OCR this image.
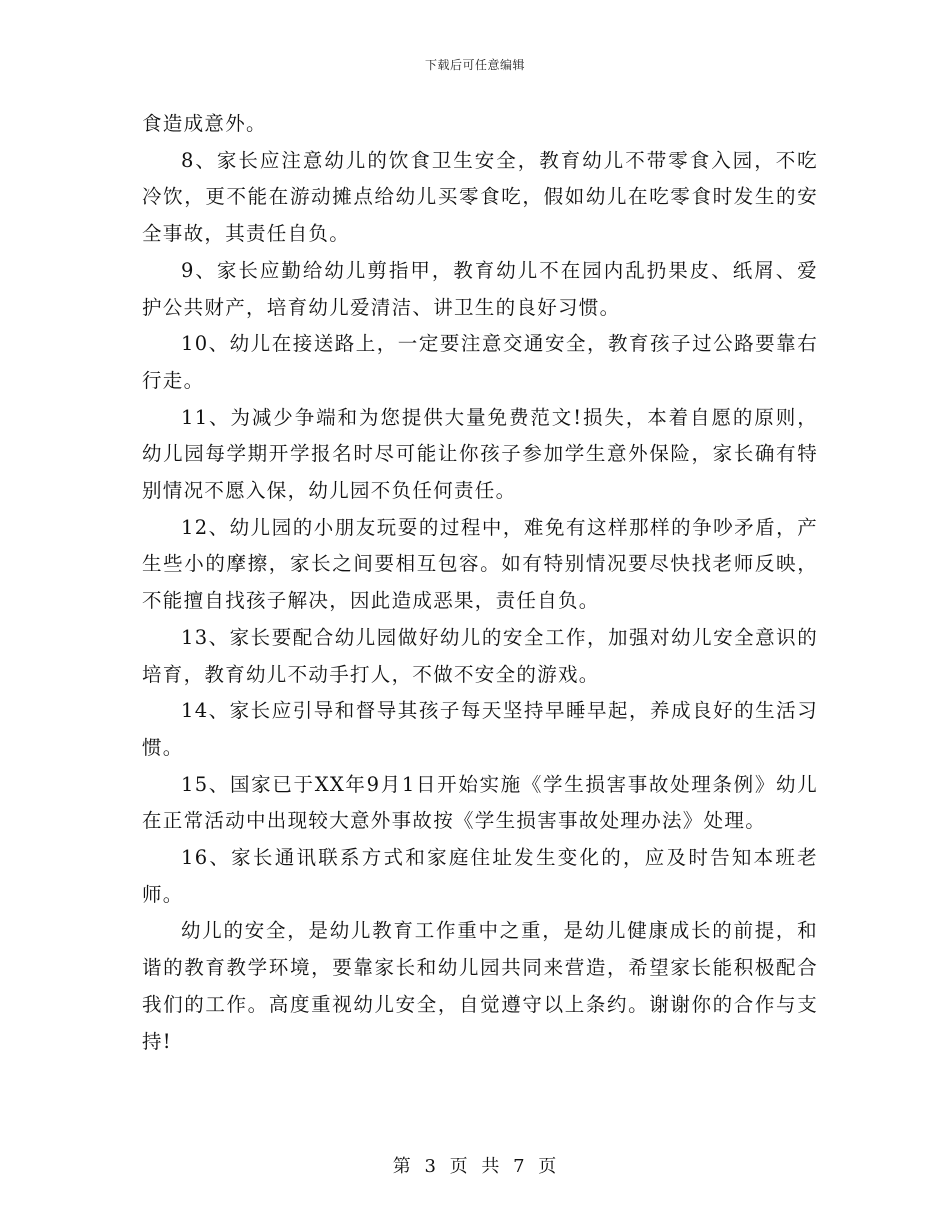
下载后可任意编辑

食造成意外。

8、家长应注意幼儿的饮食卫生安全，教育幼儿不带零食入园，不吃冷饮，更不能在游动摊点给幼儿买零食吃，假如幼儿在吃零食时发生的安全事故，其责任自负。

9、家长应勤给幼儿剪指甲，教育幼儿不在园内乱扔果皮、纸屑、爱护公共财产，培育幼儿爱清洁、讲卫生的良好习惯。

10、幼儿在接送路上，一定要注意交通安全，教育孩子过公路要靠右行走。

11、为减少争端和为您提供大量免费范文!损失，本着自愿的原则，幼儿园每学期开学报名时尽可能让你孩子参加学生意外保险，家长确有特别情况不愿入保，幼儿园不负任何责任。

12、幼儿园的小朋友玩耍的过程中，难免有这样那样的争吵矛盾，产生些小的摩擦，家长之间要相互包容。如有特别情况要尽快找老师反映，不能擅自找孩子解决，因此造成恶果，责任自负。

13、家长要配合幼儿园做好幼儿的安全工作，加强对幼儿安全意识的培育，教育幼儿不动手打人，不做不安全的游戏。

14、家长应引导和督导其孩子每天坚持早睡早起，养成良好的生活习惯。

15、国家已于XX年9月1日开始实施《学生损害事故处理条例》幼儿在正常活动中出现较大意外事故按《学生损害事故处理办法》处理。

16、家长通讯联系方式和家庭住址发生变化的，应及时告知本班老师。

幼儿的安全，是幼儿教育工作重中之重，是幼儿健康成长的前提，和谐的教育教学环境，要靠家长和幼儿园共同来营造，希望家长能积极配合我们的工作。高度重视幼儿安全，自觉遵守以上条约。谢谢你的合作与支持!

第 3 页 共 7 页
